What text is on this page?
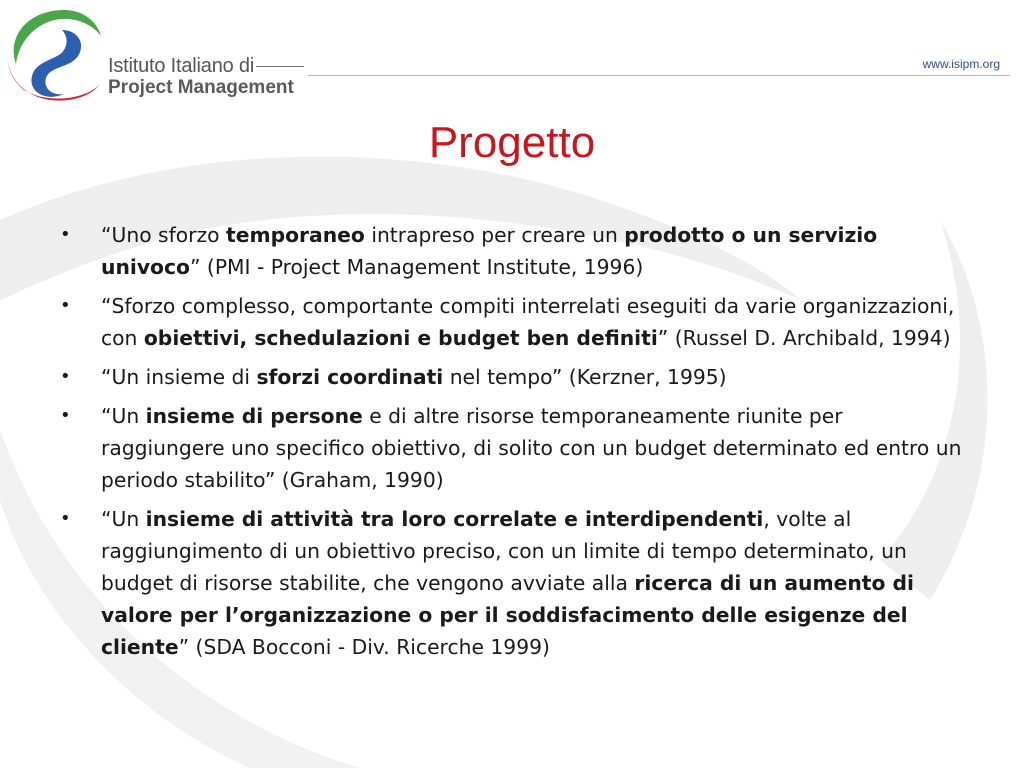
Istituto Italiano di
Project Management
www.isipm.org
Progetto
• “Uno sforzo temporaneo intrapreso per creare un prodotto o un servizio univoco” (PMI - Project Management Institute, 1996)
• “Sforzo complesso, comportante compiti interrelati eseguiti da varie organizzazioni, con obiettivi, schedulazioni e budget ben definiti” (Russel D. Archibald, 1994)
• “Un insieme di sforzi coordinati nel tempo” (Kerzner, 1995)
• “Un insieme di persone e di altre risorse temporaneamente riunite per raggiungere uno specifico obiettivo, di solito con un budget determinato ed entro un periodo stabilito” (Graham, 1990)
• “Un insieme di attività tra loro correlate e interdipendenti, volte al raggiungimento di un obiettivo preciso, con un limite di tempo determinato, un budget di risorse stabilite, che vengono avviate alla ricerca di un aumento di valore per l’organizzazione o per il soddisfacimento delle esigenze del cliente” (SDA Bocconi - Div. Ricerche 1999)
